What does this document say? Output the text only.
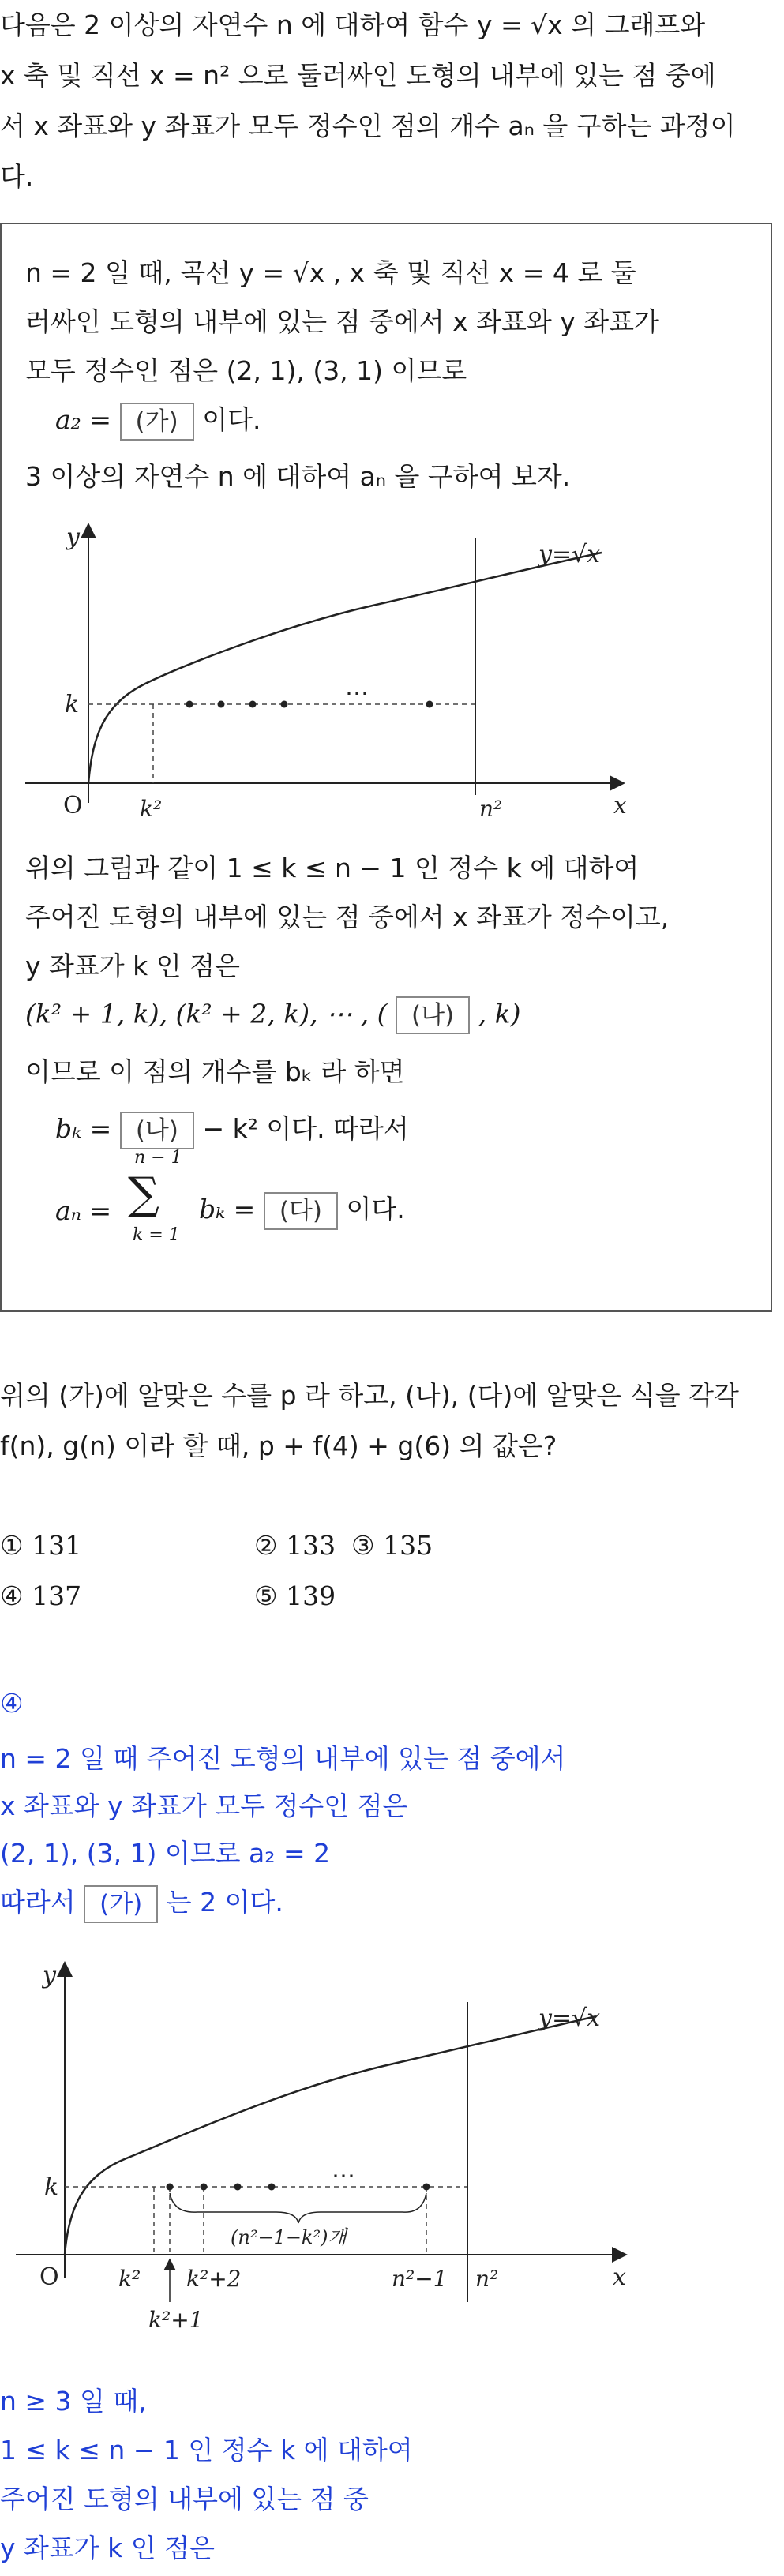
다음은 2 이상의 자연수 n 에 대하여 함수 y = √x 의 그래프와
x 축 및 직선 x = n² 으로 둘러싸인 도형의 내부에 있는 점 중에
서 x 좌표와 y 좌표가 모두 정수인 점의 개수 aₙ 을 구하는 과정이
다.
n = 2 일 때, 곡선 y = √x , x 축 및 직선 x = 4 로 둘
러싸인 도형의 내부에 있는 점 중에서 x 좌표와 y 좌표가
모두 정수인 점은 (2, 1), (3, 1) 이므로
a₂ = (가) 이다.
3 이상의 자연수 n 에 대하여 aₙ 을 구하여 보자.
⋯
y
x
O
y=√x
k
k²	n²
위의 그림과 같이 1 ≤ k ≤ n − 1 인 정수 k 에 대하여
주어진 도형의 내부에 있는 점 중에서 x 좌표가 정수이고,
y 좌표가 k 인 점은
(k² + 1, k), (k² + 2, k), ⋯ , ( (나) , k)
이므로 이 점의 개수를 bₖ 라 하면
bₖ = (나) − k² 이다. 따라서
aₙ =
n − 1
∑
k = 1
bₖ = (다) 이다.
위의 (가)에 알맞은 수를 p 라 하고, (나), (다)에 알맞은 식을 각각
f(n), g(n) 이라 할 때, p + f(4) + g(6) 의 값은?
① 131	② 133 ③ 135
④ 137	⑤ 139
④
n = 2 일 때 주어진 도형의 내부에 있는 점 중에서
x 좌표와 y 좌표가 모두 정수인 점은
(2, 1), (3, 1) 이므로 a₂ = 2
따라서 (가) 는 2 이다.
⋯
(n²−1−k²)개
y
x
O
y=√x
k
k² k²+2	n²−1 n²
k²+1
n ≥ 3 일 때,
1 ≤ k ≤ n − 1 인 정수 k 에 대하여
주어진 도형의 내부에 있는 점 중
y 좌표가 k 인 점은
